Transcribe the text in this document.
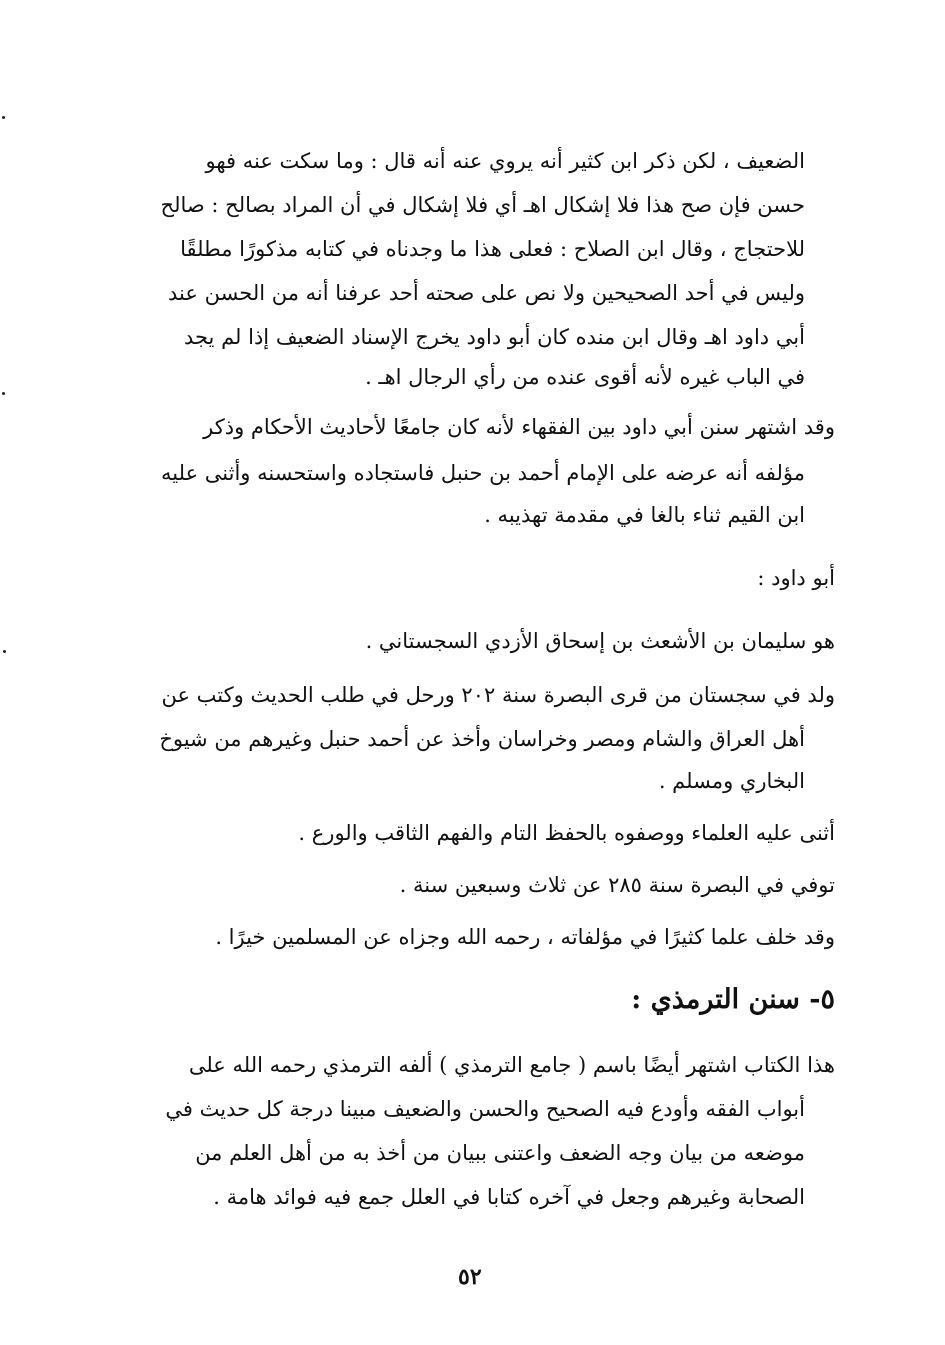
الضعيف ، لكن ذكر ابن كثير أنه يروي عنه أنه قال : وما سكت عنه فهو
حسن فإن صح هذا فلا إشكال اهـ أي فلا إشكال في أن المراد بصالح : صالح
للاحتجاج ، وقال ابن الصلاح : فعلى هذا ما وجدناه في كتابه مذكورًا مطلقًا
وليس في أحد الصحيحين ولا نص على صحته أحد عرفنا أنه من الحسن عند
أبي داود اهـ وقال ابن منده كان أبو داود يخرج الإسناد الضعيف إذا لم يجد
في الباب غيره لأنه أقوى عنده من رأي الرجال اهـ .
وقد اشتهر سنن أبي داود بين الفقهاء لأنه كان جامعًا لأحاديث الأحكام وذكر
مؤلفه أنه عرضه على الإمام أحمد بن حنبل فاستجاده واستحسنه وأثنى عليه
ابن القيم ثناء بالغا في مقدمة تهذيبه .
أبو داود :
هو سليمان بن الأشعث بن إسحاق الأزدي السجستاني .
ولد في سجستان من قرى البصرة سنة ٢٠٢ ورحل في طلب الحديث وكتب عن
أهل العراق والشام ومصر وخراسان وأخذ عن أحمد حنبل وغيرهم من شيوخ
البخاري ومسلم .
أثنى عليه العلماء ووصفوه بالحفظ التام والفهم الثاقب والورع .
توفي في البصرة سنة ٢٨٥ عن ثلاث وسبعين سنة .
وقد خلف علما كثيرًا في مؤلفاته ، رحمه الله وجزاه عن المسلمين خيرًا .
٥- سنن الترمذي :
هذا الكتاب اشتهر أيضًا باسم ( جامع الترمذي ) ألفه الترمذي رحمه الله على
أبواب الفقه وأودع فيه الصحيح والحسن والضعيف مبينا درجة كل حديث في
موضعه من بيان وجه الضعف واعتنى ببيان من أخذ به من أهل العلم من
الصحابة وغيرهم وجعل في آخره كتابا في العلل جمع فيه فوائد هامة .
٥٢
